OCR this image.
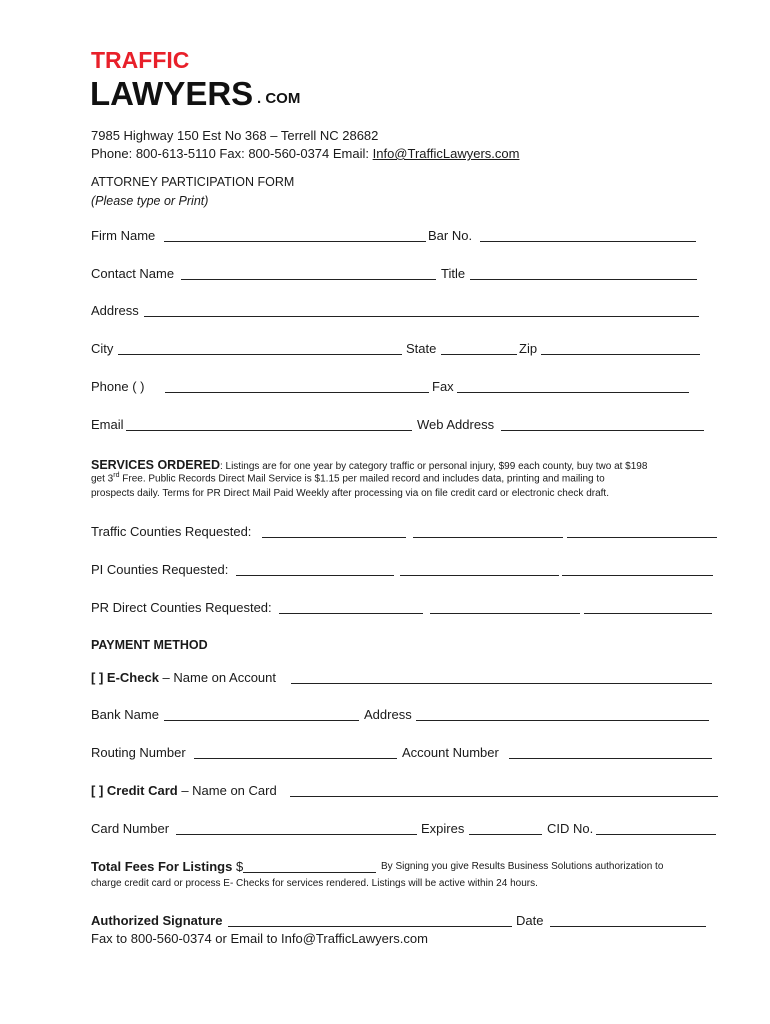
TRAFFIC
LAWYERS . COM
7985 Highway 150 Est No 368 – Terrell NC 28682
Phone: 800-613-5110 Fax: 800-560-0374 Email: Info@TrafficLawyers.com
ATTORNEY PARTICIPATION FORM
(Please type or Print)
Firm Name	Bar No.
Contact Name	Title
Address
City	State	Zip
Phone ( )	Fax
Email	Web Address
SERVICES ORDERED: Listings are for one year by category traffic or personal injury, $99 each county, buy two at $198
get 3rd Free. Public Records Direct Mail Service is $1.15 per mailed record and includes data, printing and mailing to
prospects daily. Terms for PR Direct Mail Paid Weekly after processing via on file credit card or electronic check draft.
Traffic Counties Requested:
PI Counties Requested:
PR Direct Counties Requested:
PAYMENT METHOD
[ ] E-Check – Name on Account
Bank Name	Address
Routing Number	Account Number
[ ] Credit Card – Name on Card
Card Number	Expires	CID No.
Total Fees For Listings $	By Signing you give Results Business Solutions authorization to
charge credit card or process E- Checks for services rendered. Listings will be active within 24 hours.
Authorized Signature	Date
Fax to 800-560-0374 or Email to Info@TrafficLawyers.com
